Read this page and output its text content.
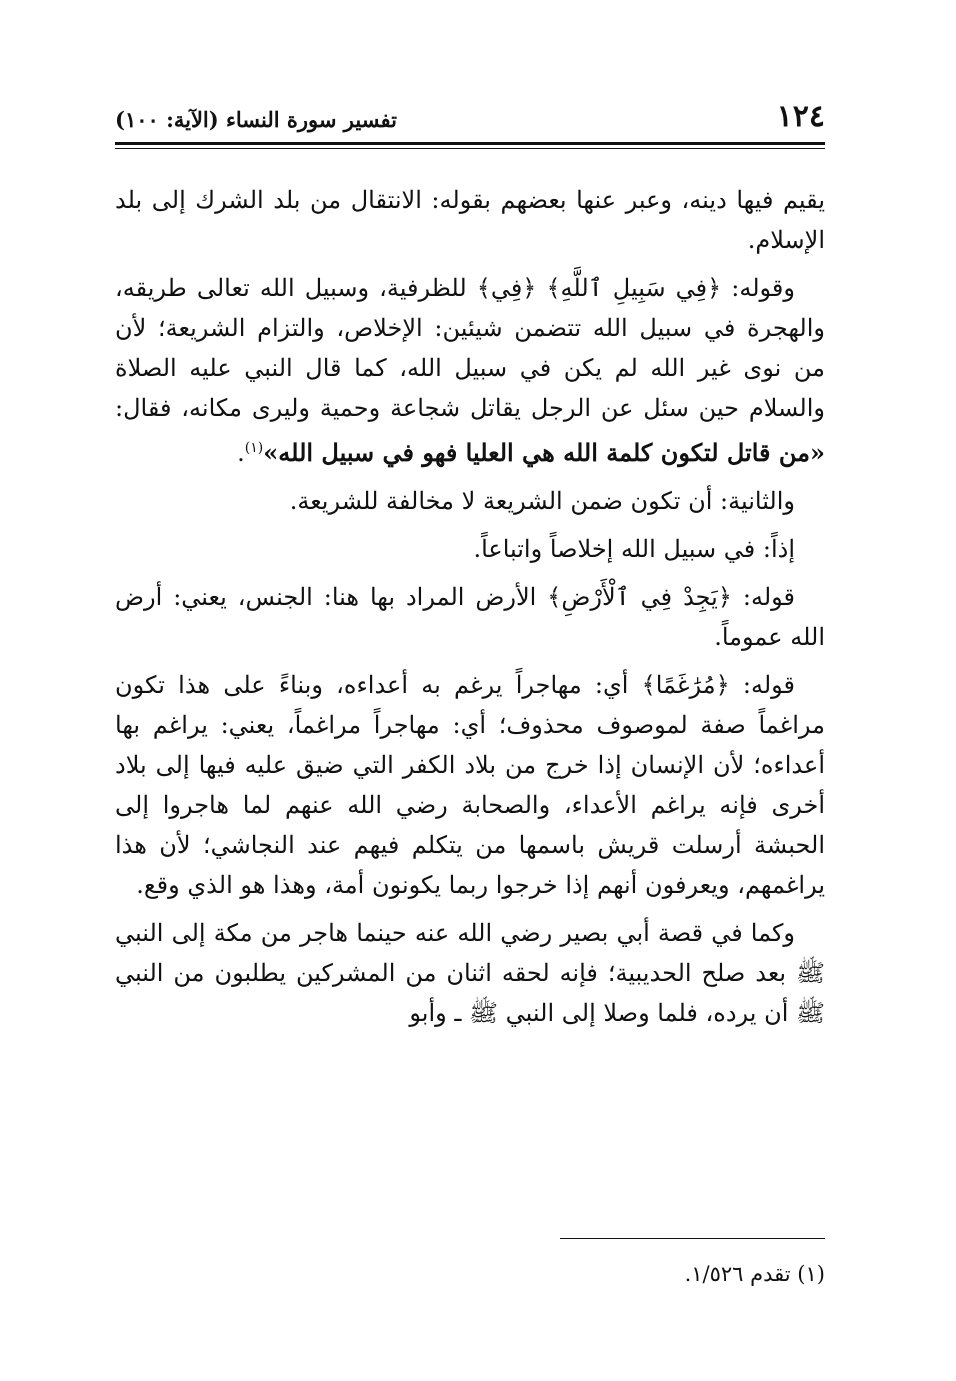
١٢٤
تفسير سورة النساء (الآية: ١٠٠)

يقيم فيها دينه، وعبر عنها بعضهم بقوله: الانتقال من بلد الشرك إلى بلد الإسلام.

وقوله: ﴿فِي سَبِيلِ ٱللَّهِ﴾ ﴿فِي﴾ للظرفية، وسبيل الله تعالى طريقه، والهجرة في سبيل الله تتضمن شيئين: الإخلاص، والتزام الشريعة؛ لأن من نوى غير الله لم يكن في سبيل الله، كما قال النبي عليه الصلاة والسلام حين سئل عن الرجل يقاتل شجاعة وحمية وليرى مكانه، فقال: «من قاتل لتكون كلمة الله هي العليا فهو في سبيل الله»$^{(١)}$.

والثانية: أن تكون ضمن الشريعة لا مخالفة للشريعة.

إذاً: في سبيل الله إخلاصاً واتباعاً.

قوله: ﴿يَجِدْ فِي ٱلْأَرْضِ﴾ الأرض المراد بها هنا: الجنس، يعني: أرض الله عموماً.

قوله: ﴿مُرَٰغَمًا﴾ أي: مهاجراً يرغم به أعداءه، وبناءً على هذا تكون مراغماً صفة لموصوف محذوف؛ أي: مهاجراً مراغماً، يعني: يراغم بها أعداءه؛ لأن الإنسان إذا خرج من بلاد الكفر التي ضيق عليه فيها إلى بلاد أخرى فإنه يراغم الأعداء، والصحابة رضي الله عنهم لما هاجروا إلى الحبشة أرسلت قريش باسمها من يتكلم فيهم عند النجاشي؛ لأن هذا يراغمهم، ويعرفون أنهم إذا خرجوا ربما يكونون أمة، وهذا هو الذي وقع.

وكما في قصة أبي بصير رضي الله عنه حينما هاجر من مكة إلى النبي ﷺ بعد صلح الحديبية؛ فإنه لحقه اثنان من المشركين يطلبون من النبي ﷺ أن يرده، فلما وصلا إلى النبي ﷺ ـ وأبو

(١) تقدم ١/٥٢٦.
